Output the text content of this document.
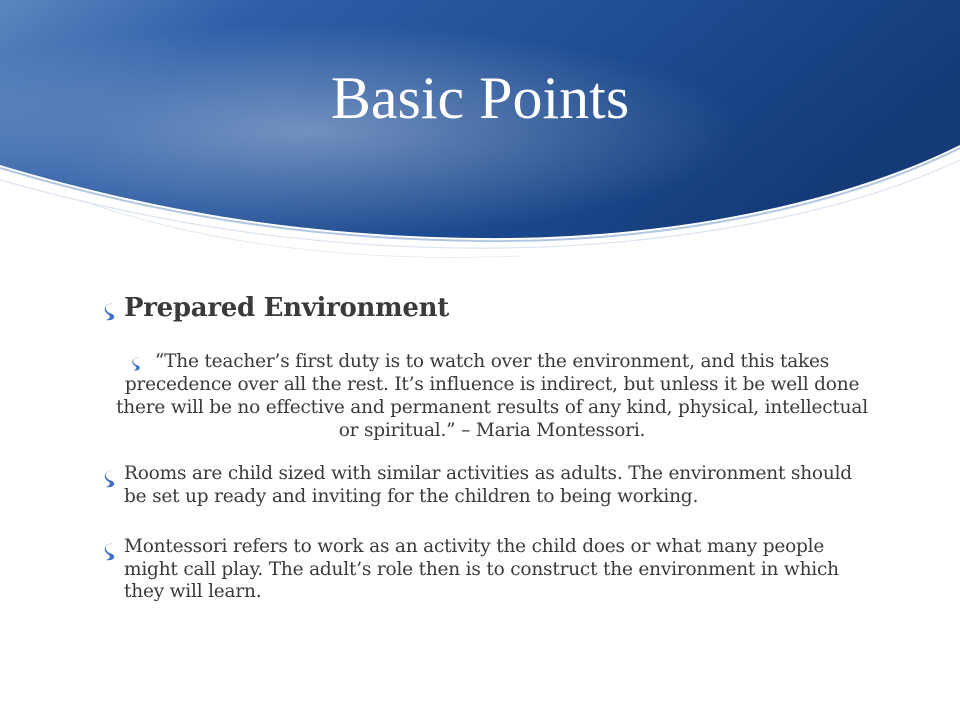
Basic Points
Prepared Environment
“The teacher’s first duty is to watch over the environment, and this takes precedence over all the rest. It’s influence is indirect, but unless it be well done there will be no effective and permanent results of any kind, physical, intellectual or spiritual.” – Maria Montessori.
Rooms are child sized with similar activities as adults. The environment should be set up ready and inviting for the children to being working.
Montessori refers to work as an activity the child does or what many people might call play. The adult’s role then is to construct the environment in which they will learn.
